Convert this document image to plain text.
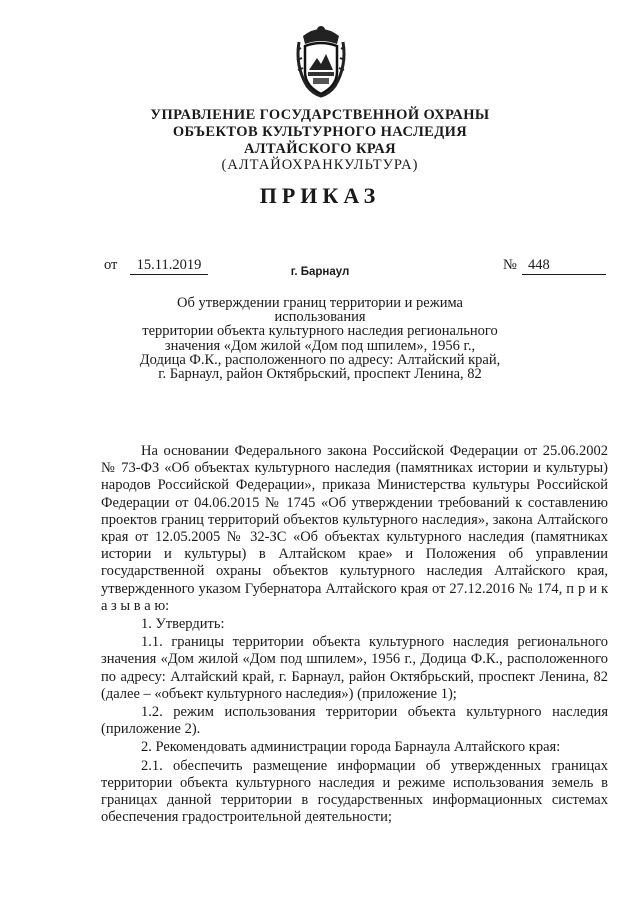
УПРАВЛЕНИЕ ГОСУДАРСТВЕННОЙ ОХРАНЫ
ОБЪЕКТОВ КУЛЬТУРНОГО НАСЛЕДИЯ
АЛТАЙСКОГО КРАЯ
(АЛТАЙОХРАНКУЛЬТУРА)
ПРИКАЗ
от	15.11.2019	№ 448
г. Барнаул
Об утверждении границ территории и режима использования
территории объекта культурного наследия регионального
значения «Дом жилой «Дом под шпилем», 1956 г.,
Додица Ф.К., расположенного по адресу: Алтайский край,
г. Барнаул, район Октябрьский, проспект Ленина, 82

На основании Федерального закона Российской Федерации от 25.06.2002 № 73-ФЗ «Об объектах культурного наследия (памятниках истории и культуры) народов Российской Федерации», приказа Министерства культуры Российской Федерации от 04.06.2015 № 1745 «Об утверждении требований к составлению проектов границ территорий объектов культурного наследия», закона Алтайского края от 12.05.2005 № 32-ЗС «Об объектах культурного наследия (памятниках истории и культуры) в Алтайском крае» и Положения об управлении государственной охраны объектов культурного наследия Алтайского края, утвержденного указом Губернатора Алтайского края от 27.12.2016 № 174, п р и к а з ы в а ю:

1. Утвердить:

1.1. границы территории объекта культурного наследия регионального значения «Дом жилой «Дом под шпилем», 1956 г., Додица Ф.К., расположенного по адресу: Алтайский край, г. Барнаул, район Октябрьский, проспект Ленина, 82 (далее – «объект культурного наследия») (приложение 1);

1.2. режим использования территории объекта культурного наследия (приложение 2).

2. Рекомендовать администрации города Барнаула Алтайского края:

2.1. обеспечить размещение информации об утвержденных границах территории объекта культурного наследия и режиме использования земель в границах данной территории в государственных информационных системах обеспечения градостроительной деятельности;
